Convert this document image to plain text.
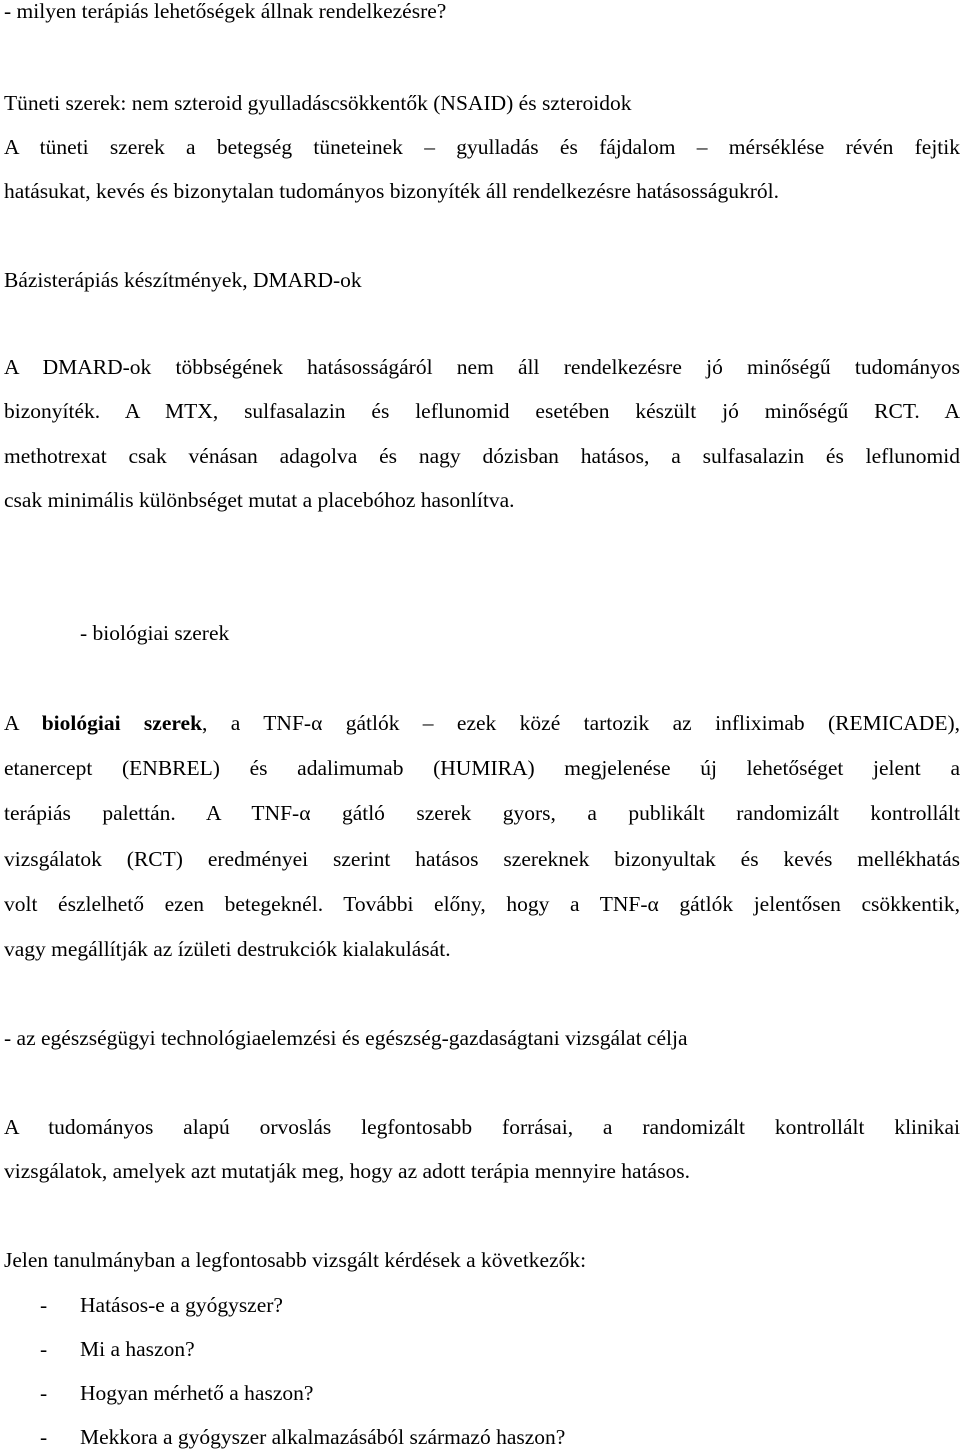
- milyen terápiás lehetőségek állnak rendelkezésre?
Tüneti szerek: nem szteroid gyulladáscsökkentők (NSAID) és szteroidok
A tüneti szerek a betegség tüneteinek – gyulladás és fájdalom – mérséklése révén fejtik
hatásukat, kevés és bizonytalan tudományos bizonyíték áll rendelkezésre hatásosságukról.
Bázisterápiás készítmények, DMARD-ok
A DMARD-ok többségének hatásosságáról nem áll rendelkezésre jó minőségű tudományos
bizonyíték. A MTX, sulfasalazin és leflunomid esetében készült jó minőségű RCT. A
methotrexat csak vénásan adagolva és nagy dózisban hatásos, a sulfasalazin és leflunomid
csak minimális különbséget mutat a placebóhoz hasonlítva.
- biológiai szerek
A biológiai szerek, a TNF-α gátlók – ezek közé tartozik az infliximab (REMICADE),
etanercept (ENBREL) és adalimumab (HUMIRA) megjelenése új lehetőséget jelent a
terápiás palettán. A TNF-α gátló szerek gyors, a publikált randomizált kontrollált
vizsgálatok (RCT) eredményei szerint hatásos szereknek bizonyultak és kevés mellékhatás
volt észlelhető ezen betegeknél. További előny, hogy a TNF-α gátlók jelentősen csökkentik,
vagy megállítják az ízületi destrukciók kialakulását.
- az egészségügyi technológiaelemzési és egészség-gazdaságtani vizsgálat célja
A tudományos alapú orvoslás legfontosabb forrásai, a randomizált kontrollált klinikai
vizsgálatok, amelyek azt mutatják meg, hogy az adott terápia mennyire hatásos.
Jelen tanulmányban a legfontosabb vizsgált kérdések a következők:
- Hatásos-e a gyógyszer?
- Mi a haszon?
- Hogyan mérhető a haszon?
- Mekkora a gyógyszer alkalmazásából származó haszon?
